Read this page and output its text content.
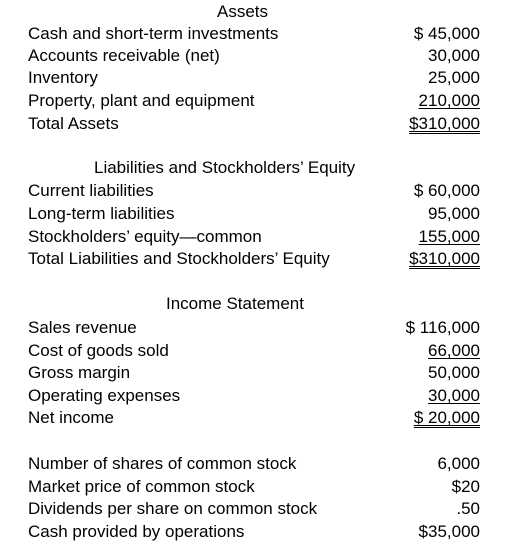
Assets
Cash and short-term investments	$ 45,000
Accounts receivable (net)	30,000
Inventory	25,000
Property, plant and equipment	210,000
Total Assets	$310,000
Liabilities and Stockholders’ Equity
Current liabilities	$ 60,000
Long-term liabilities	95,000
Stockholders’ equity—common	155,000
Total Liabilities and Stockholders’ Equity	$310,000
Income Statement
Sales revenue	$ 116,000
Cost of goods sold	66,000
Gross margin	50,000
Operating expenses	30,000
Net income	$ 20,000
Number of shares of common stock	6,000
Market price of common stock	$20
Dividends per share on common stock	.50
Cash provided by operations	$35,000
